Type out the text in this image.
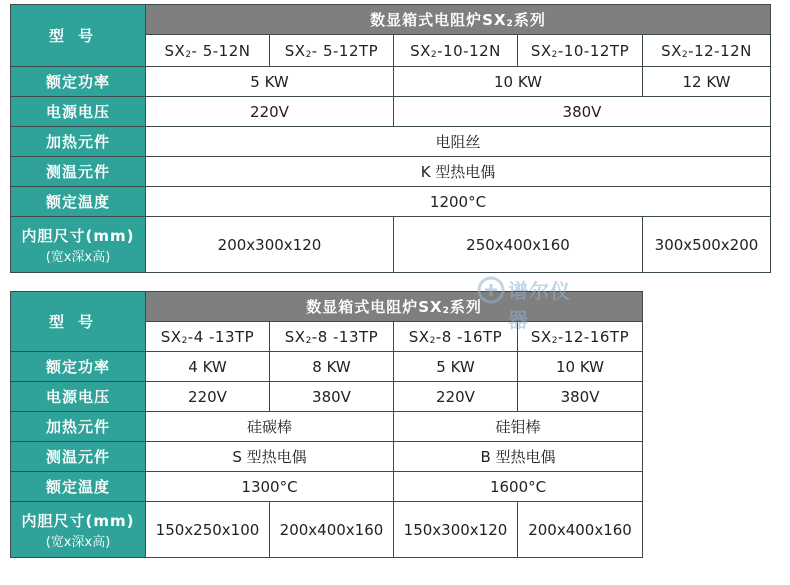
型号	数显箱式电阻炉$SX_2$系列				
	$SX_2-$ 5-12N	$SX_2-$ 5-12TP	$SX_2-10-12N$	$SX_2-10-12TP$	$SX_2-12-12N$
额定功率	5 KW		10 KW		12 KW
电源电压	220V		380V		
加热元件	电阻丝				
测温元件	K 型热电偶				
额定温度	1200°C				
内胆尺寸(mm)
(宽x深x高)	200x300x120		250x400x160		300x500x200
型号	数显箱式电阻炉$SX_2$系列			
	$SX_2-4$ -13TP	$SX_2-8$ -13TP	$SX_2-8$ -16TP	$SX_2-12-16TP$
额定功率	4 KW	8 KW	5 KW	10 KW
电源电压	220V	380V	220V	380V
加热元件	硅碳棒		硅钼棒	
测温元件	S 型热电偶		B 型热电偶	
额定温度	1300°C		1600°C	
内胆尺寸(mm)
(宽x深x高)	150x250x100	200x400x160	150x300x120	200x400x160
谱尔仪器
